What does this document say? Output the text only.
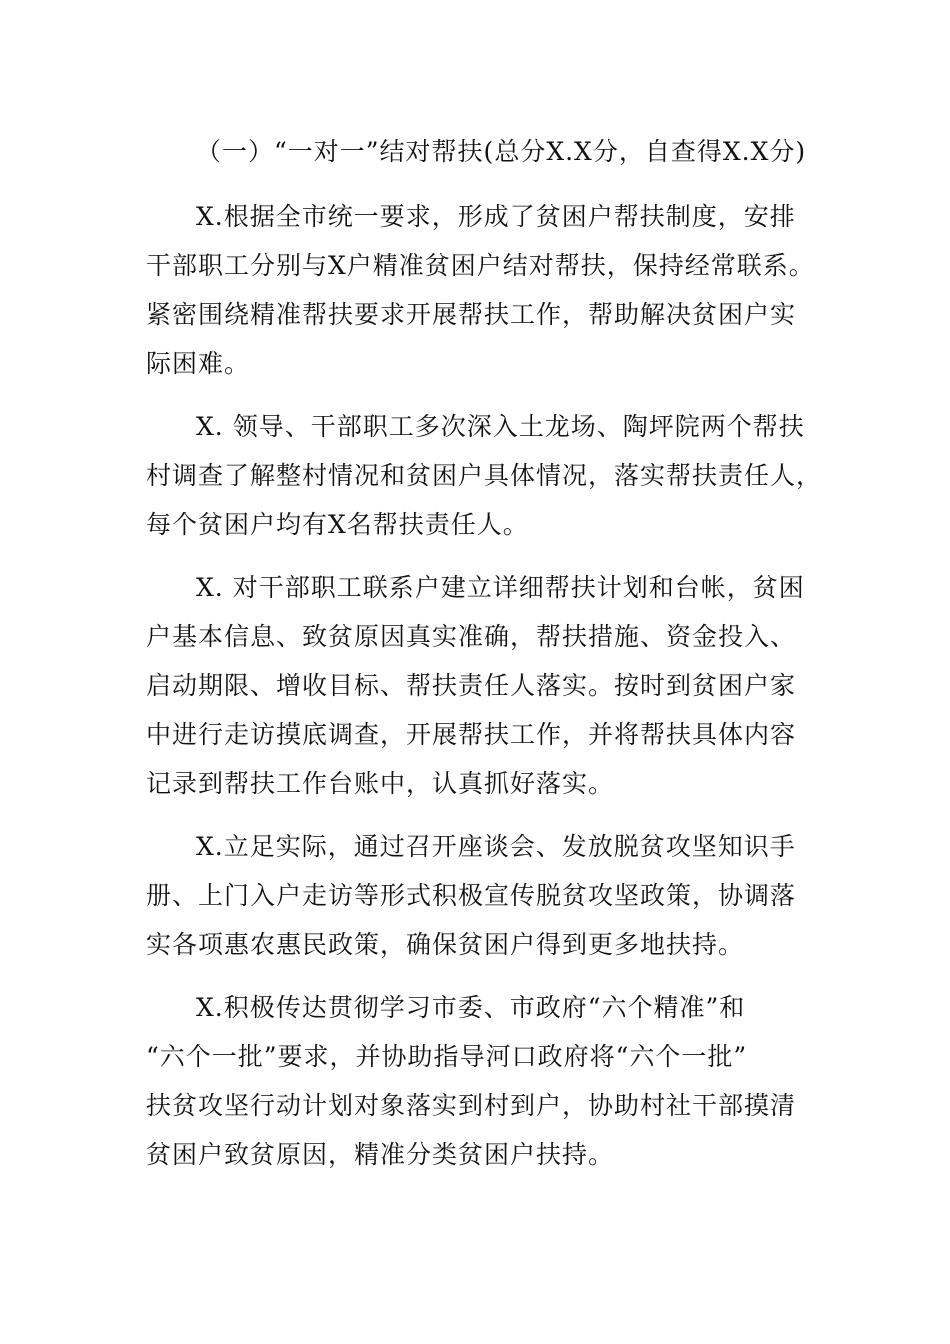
（一）“一对一”结对帮扶(总分X.X分，自查得X.X分)
X.根据全市统一要求，形成了贫困户帮扶制度，安排
干部职工分别与X户精准贫困户结对帮扶，保持经常联系。
紧密围绕精准帮扶要求开展帮扶工作，帮助解决贫困户实
际困难。
X. 领导、干部职工多次深入土龙场、陶坪院两个帮扶
村调查了解整村情况和贫困户具体情况，落实帮扶责任人，
每个贫困户均有X名帮扶责任人。
X. 对干部职工联系户建立详细帮扶计划和台帐，贫困
户基本信息、致贫原因真实准确，帮扶措施、资金投入、
启动期限、增收目标、帮扶责任人落实。按时到贫困户家
中进行走访摸底调查，开展帮扶工作，并将帮扶具体内容
记录到帮扶工作台账中，认真抓好落实。
X.立足实际，通过召开座谈会、发放脱贫攻坚知识手
册、上门入户走访等形式积极宣传脱贫攻坚政策，协调落
实各项惠农惠民政策，确保贫困户得到更多地扶持。
X.积极传达贯彻学习市委、市政府“六个精准”和
“六个一批”要求，并协助指导河口政府将“六个一批”
扶贫攻坚行动计划对象落实到村到户，协助村社干部摸清
贫困户致贫原因，精准分类贫困户扶持。
